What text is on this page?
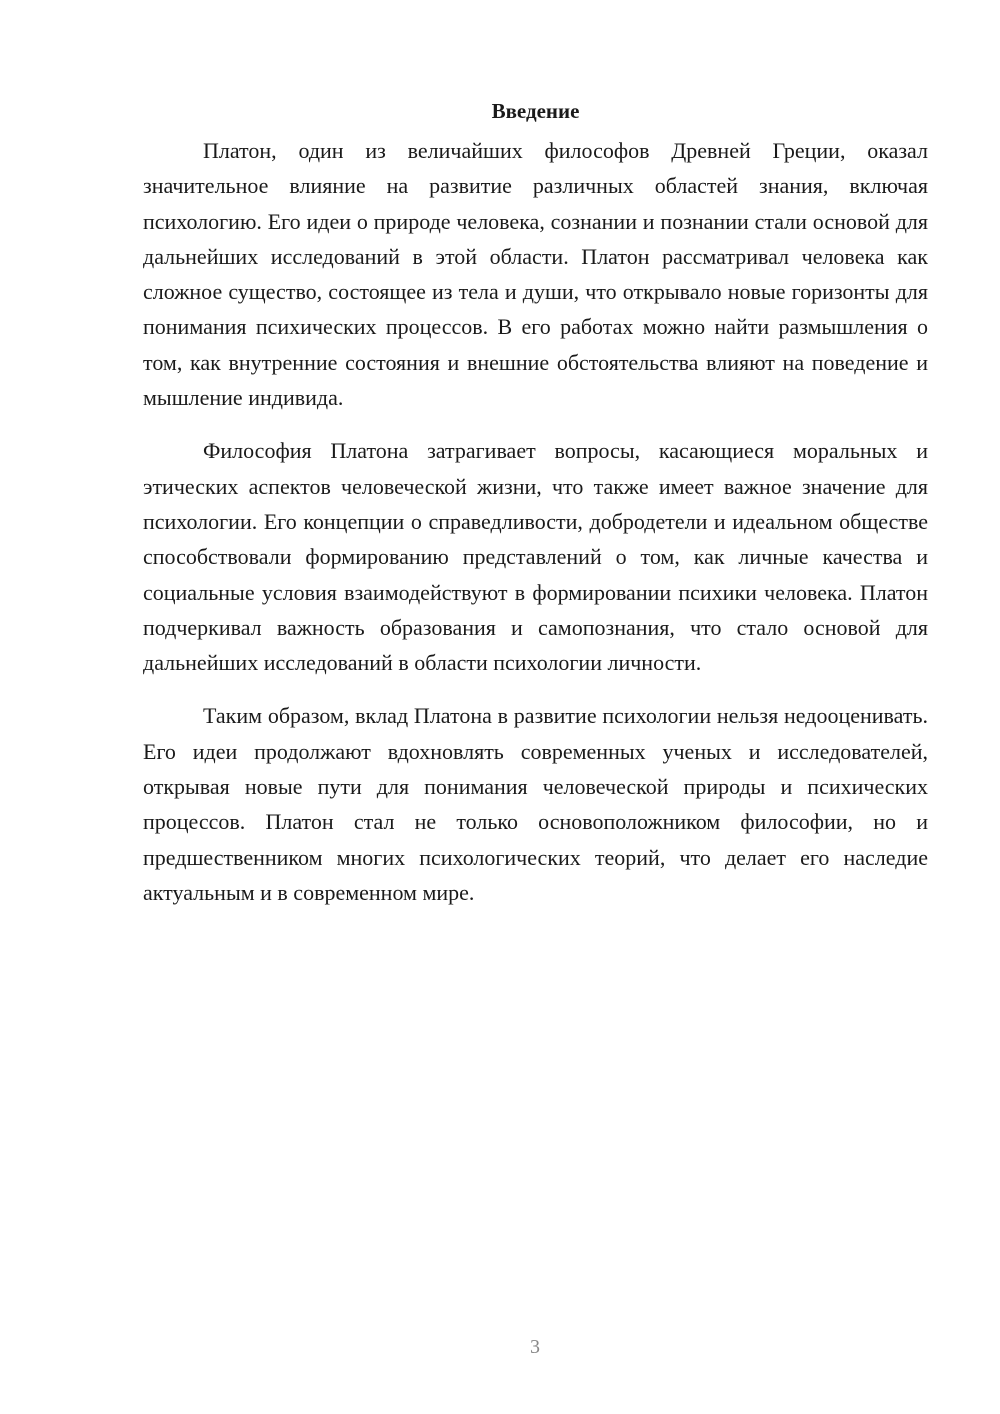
Введение

Платон, один из величайших философов Древней Греции, оказал значительное влияние на развитие различных областей знания, включая психологию. Его идеи о природе человека, сознании и познании стали основой для дальнейших исследований в этой области. Платон рассматривал человека как сложное существо, состоящее из тела и души, что открывало новые горизонты для понимания психических процессов. В его работах можно найти размышления о том, как внутренние состояния и внешние обстоятельства влияют на поведение и мышление индивида.

Философия Платона затрагивает вопросы, касающиеся моральных и этических аспектов человеческой жизни, что также имеет важное значение для психологии. Его концепции о справедливости, добродетели и идеальном обществе способствовали формированию представлений о том, как личные качества и социальные условия взаимодействуют в формировании психики человека. Платон подчеркивал важность образования и самопознания, что стало основой для дальнейших исследований в области психологии личности.

Таким образом, вклад Платона в развитие психологии нельзя недооценивать. Его идеи продолжают вдохновлять современных ученых и исследователей, открывая новые пути для понимания человеческой природы и психических процессов. Платон стал не только основоположником философии, но и предшественником многих психологических теорий, что делает его наследие актуальным и в современном мире.

3
